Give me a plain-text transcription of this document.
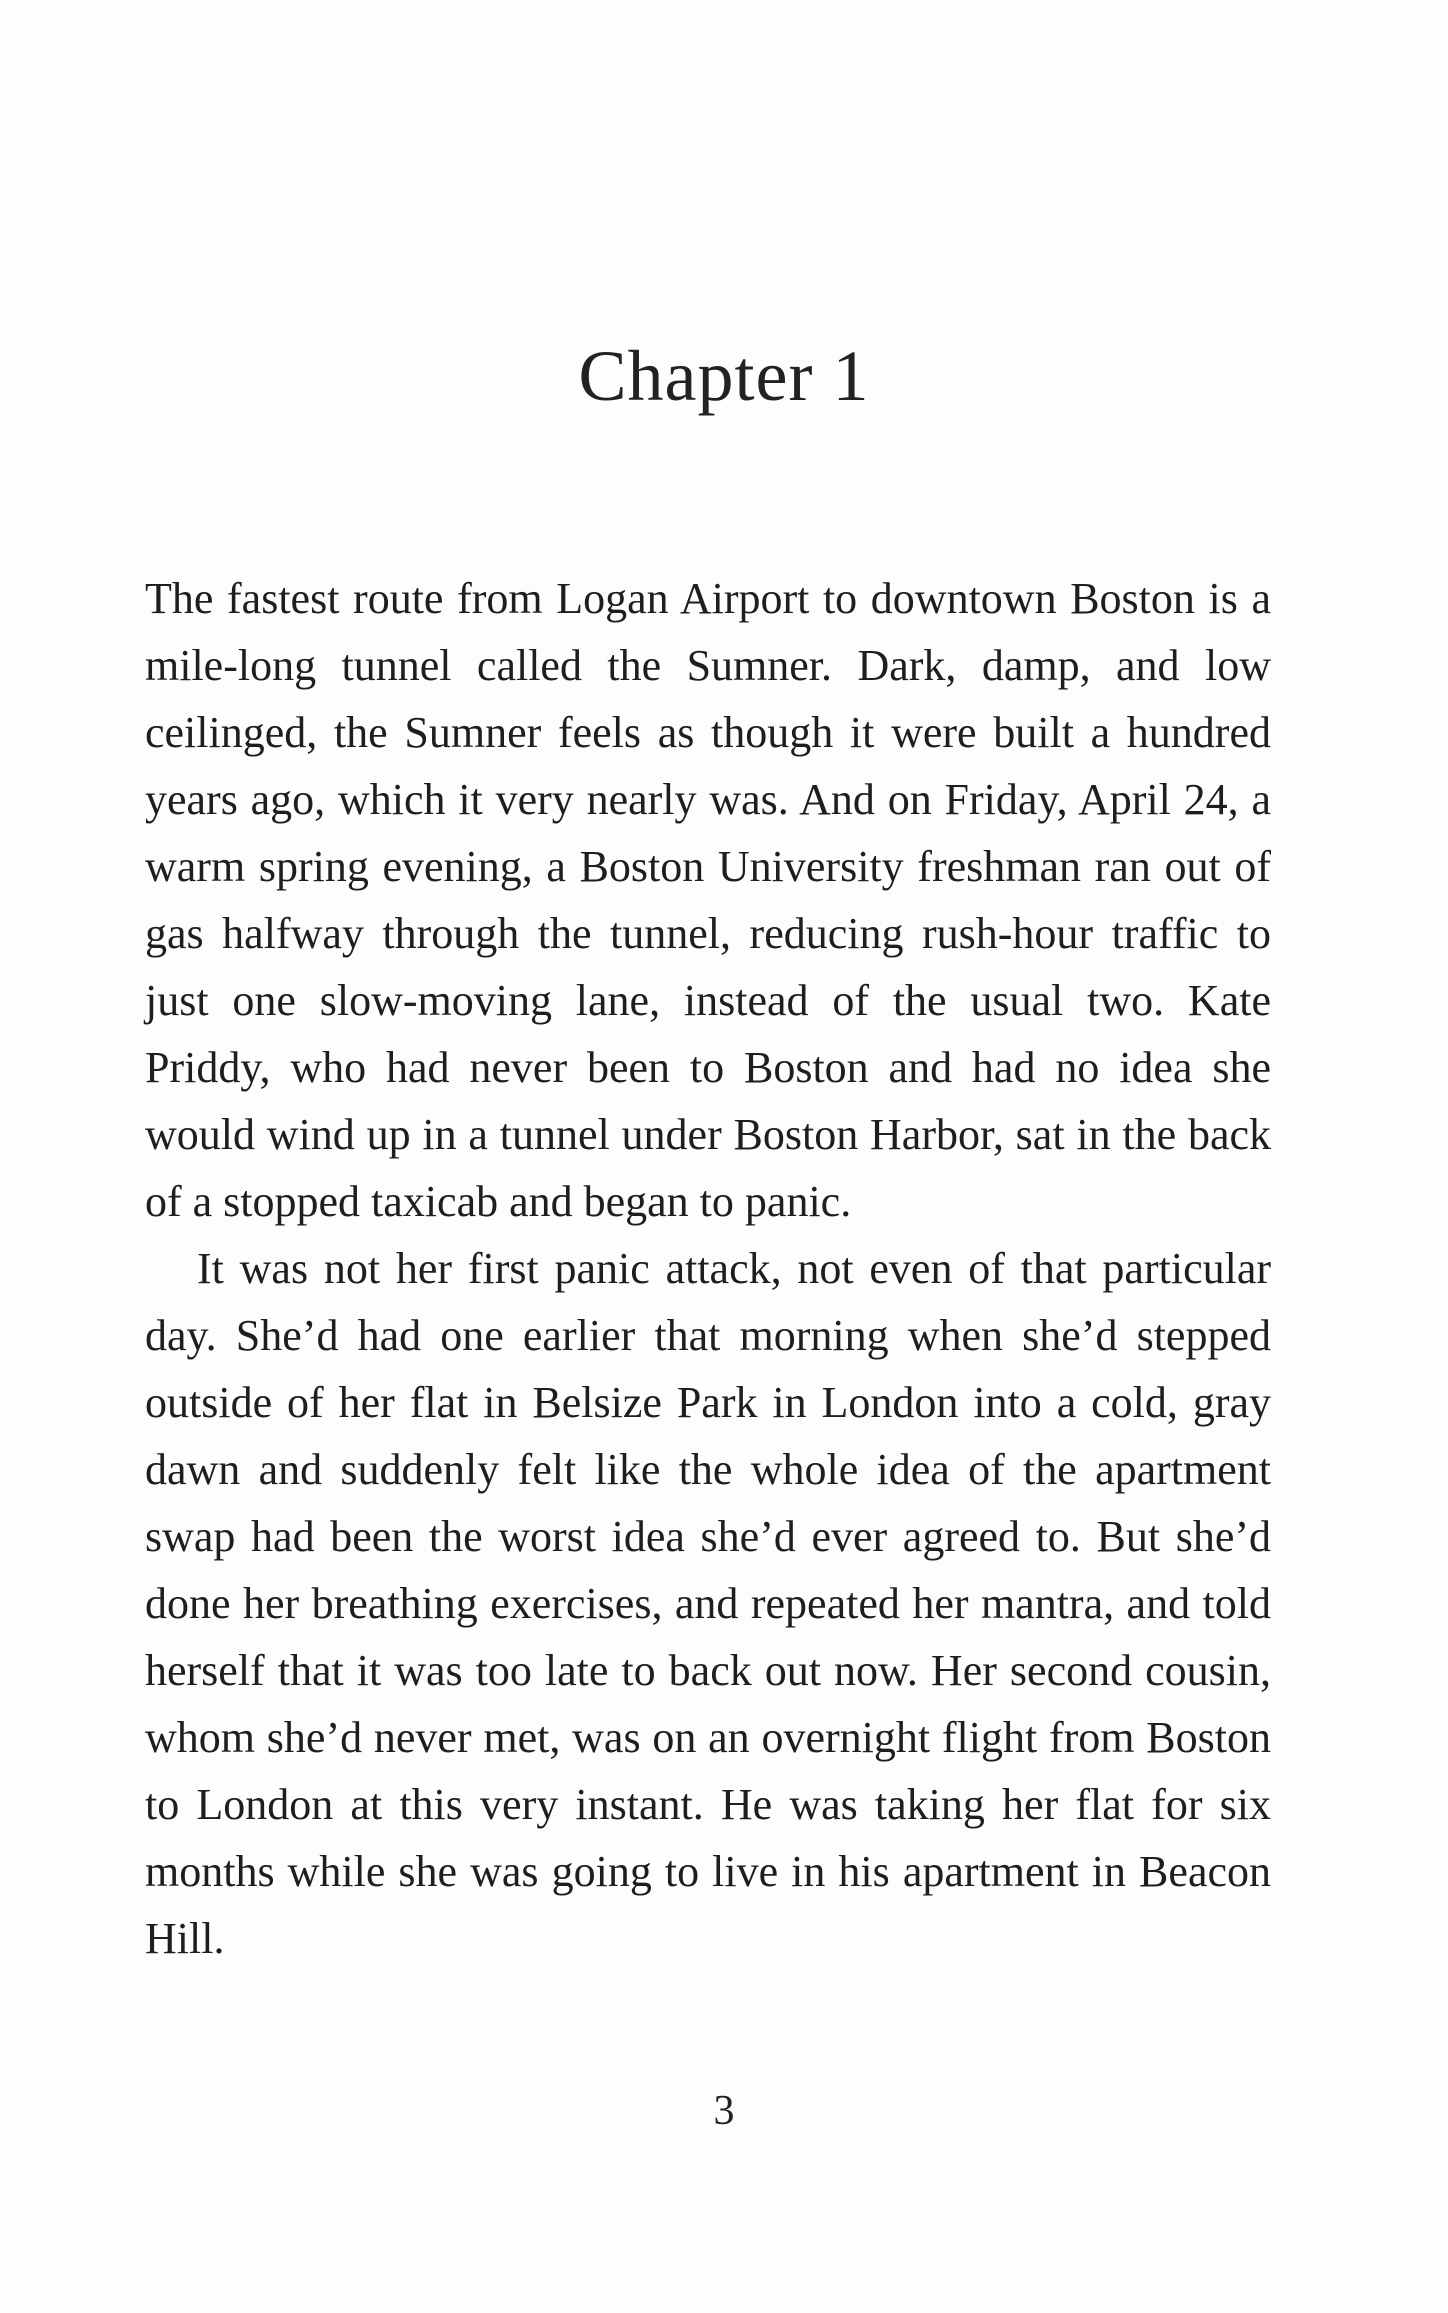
Chapter 1

The fastest route from Logan Airport to downtown Boston is a mile-long tunnel called the Sumner. Dark, damp, and low ceilinged, the Sumner feels as though it were built a hundred years ago, which it very nearly was. And on Friday, April 24, a warm spring evening, a Boston University freshman ran out of gas halfway through the tunnel, reducing rush-hour traffic to just one slow-moving lane, instead of the usual two. Kate Priddy, who had never been to Boston and had no idea she would wind up in a tunnel under Boston Harbor, sat in the back of a stopped taxicab and began to panic.

It was not her first panic attack, not even of that particular day. She’d had one earlier that morning when she’d stepped outside of her flat in Belsize Park in London into a cold, gray dawn and suddenly felt like the whole idea of the apartment swap had been the worst idea she’d ever agreed to. But she’d done her breathing exercises, and repeated her mantra, and told herself that it was too late to back out now. Her second cousin, whom she’d never met, was on an overnight flight from Boston to London at this very instant. He was taking her flat for six months while she was going to live in his apartment in Beacon Hill.

3
